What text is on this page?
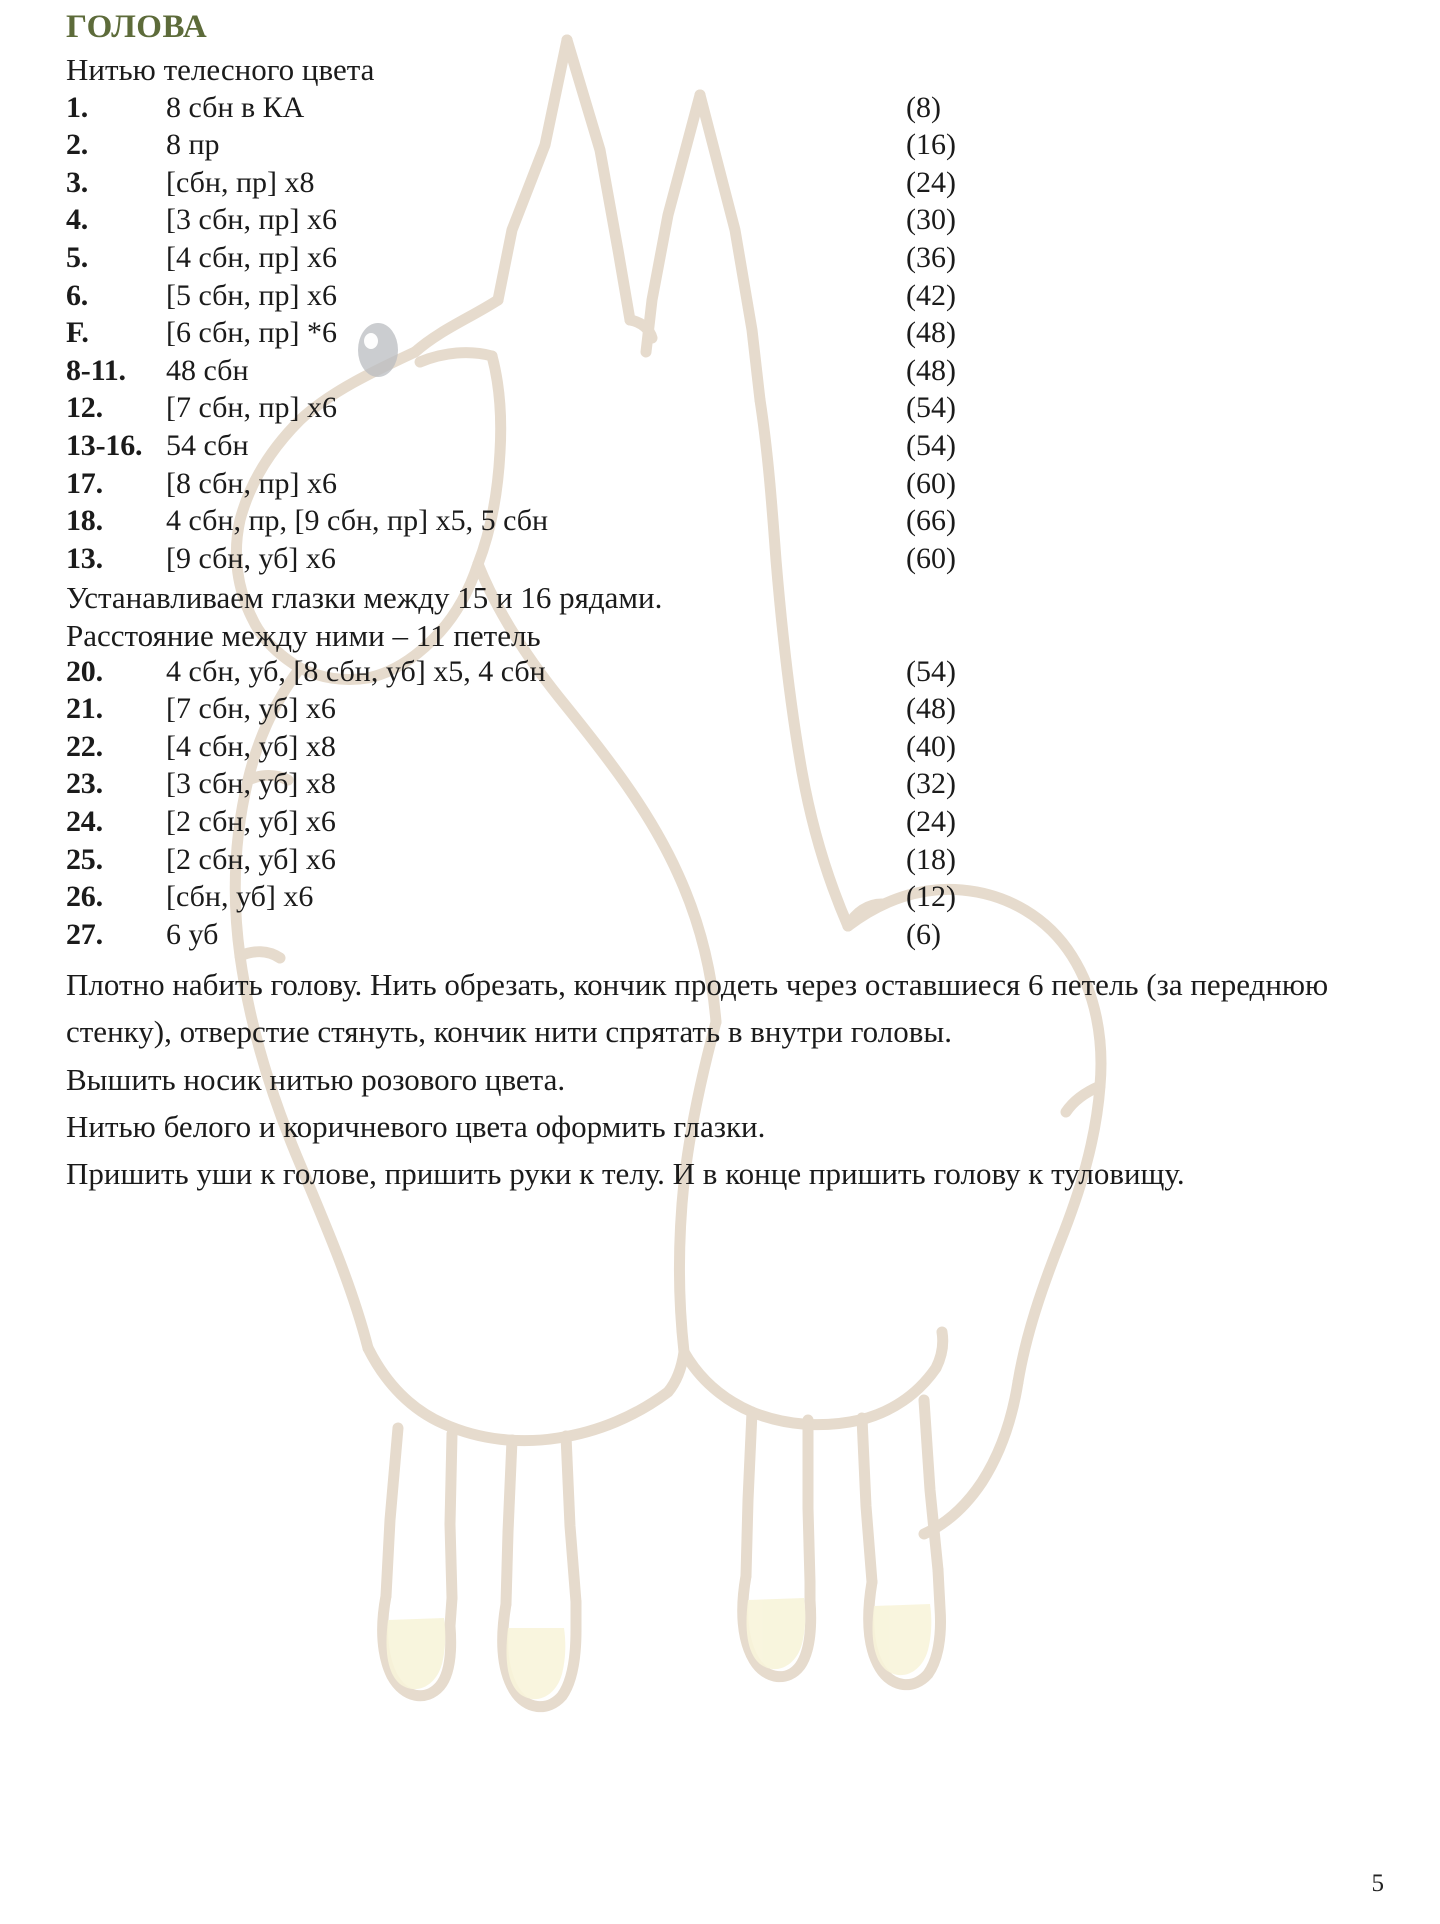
ГОЛОВА
Нитью телесного цвета
1.	8 сбн в КА	(8)
2.	8 пр	(16)
3.	[сбн, пр] х8	(24)
4.	[3 сбн, пр] х6	(30)
5.	[4 сбн, пр] х6	(36)
6.	[5 сбн, пр] х6	(42)
F.	[6 сбн, пр] *6	(48)
8-11.	48 сбн	(48)
12.	[7 сбн, пр] х6	(54)
13-16. 54 сбн	(54)
17.	[8 сбн, пр] х6	(60)
18.	4 сбн, пр, [9 сбн, пр] х5, 5 сбн	(66)
13.	[9 сбн, уб] х6	(60)
Устанавливаем глазки между 15 и 16 рядами.
Расстояние между ними – 11 петель
20.	4 сбн, уб, [8 сбн, уб] х5, 4 сбн	(54)
21.	[7 сбн, уб] х6	(48)
22.	[4 сбн, уб] х8	(40)
23.	[3 сбн, уб] х8	(32)
24.	[2 сбн, уб] х6	(24)
25.	[2 сбн, уб] х6	(18)
26.	[сбн, уб] х6	(12)
27.	6 уб	(6)

Плотно набить голову. Нить обрезать, кончик продеть через оставшиеся 6 петель (за переднюю стенку), отверстие стянуть, кончик нити спрятать в внутри головы.

Вышить носик нитью розового цвета.

Нитью белого и коричневого цвета оформить глазки.

Пришить уши к голове, пришить руки к телу. И в конце пришить голову к туловищу.

5
